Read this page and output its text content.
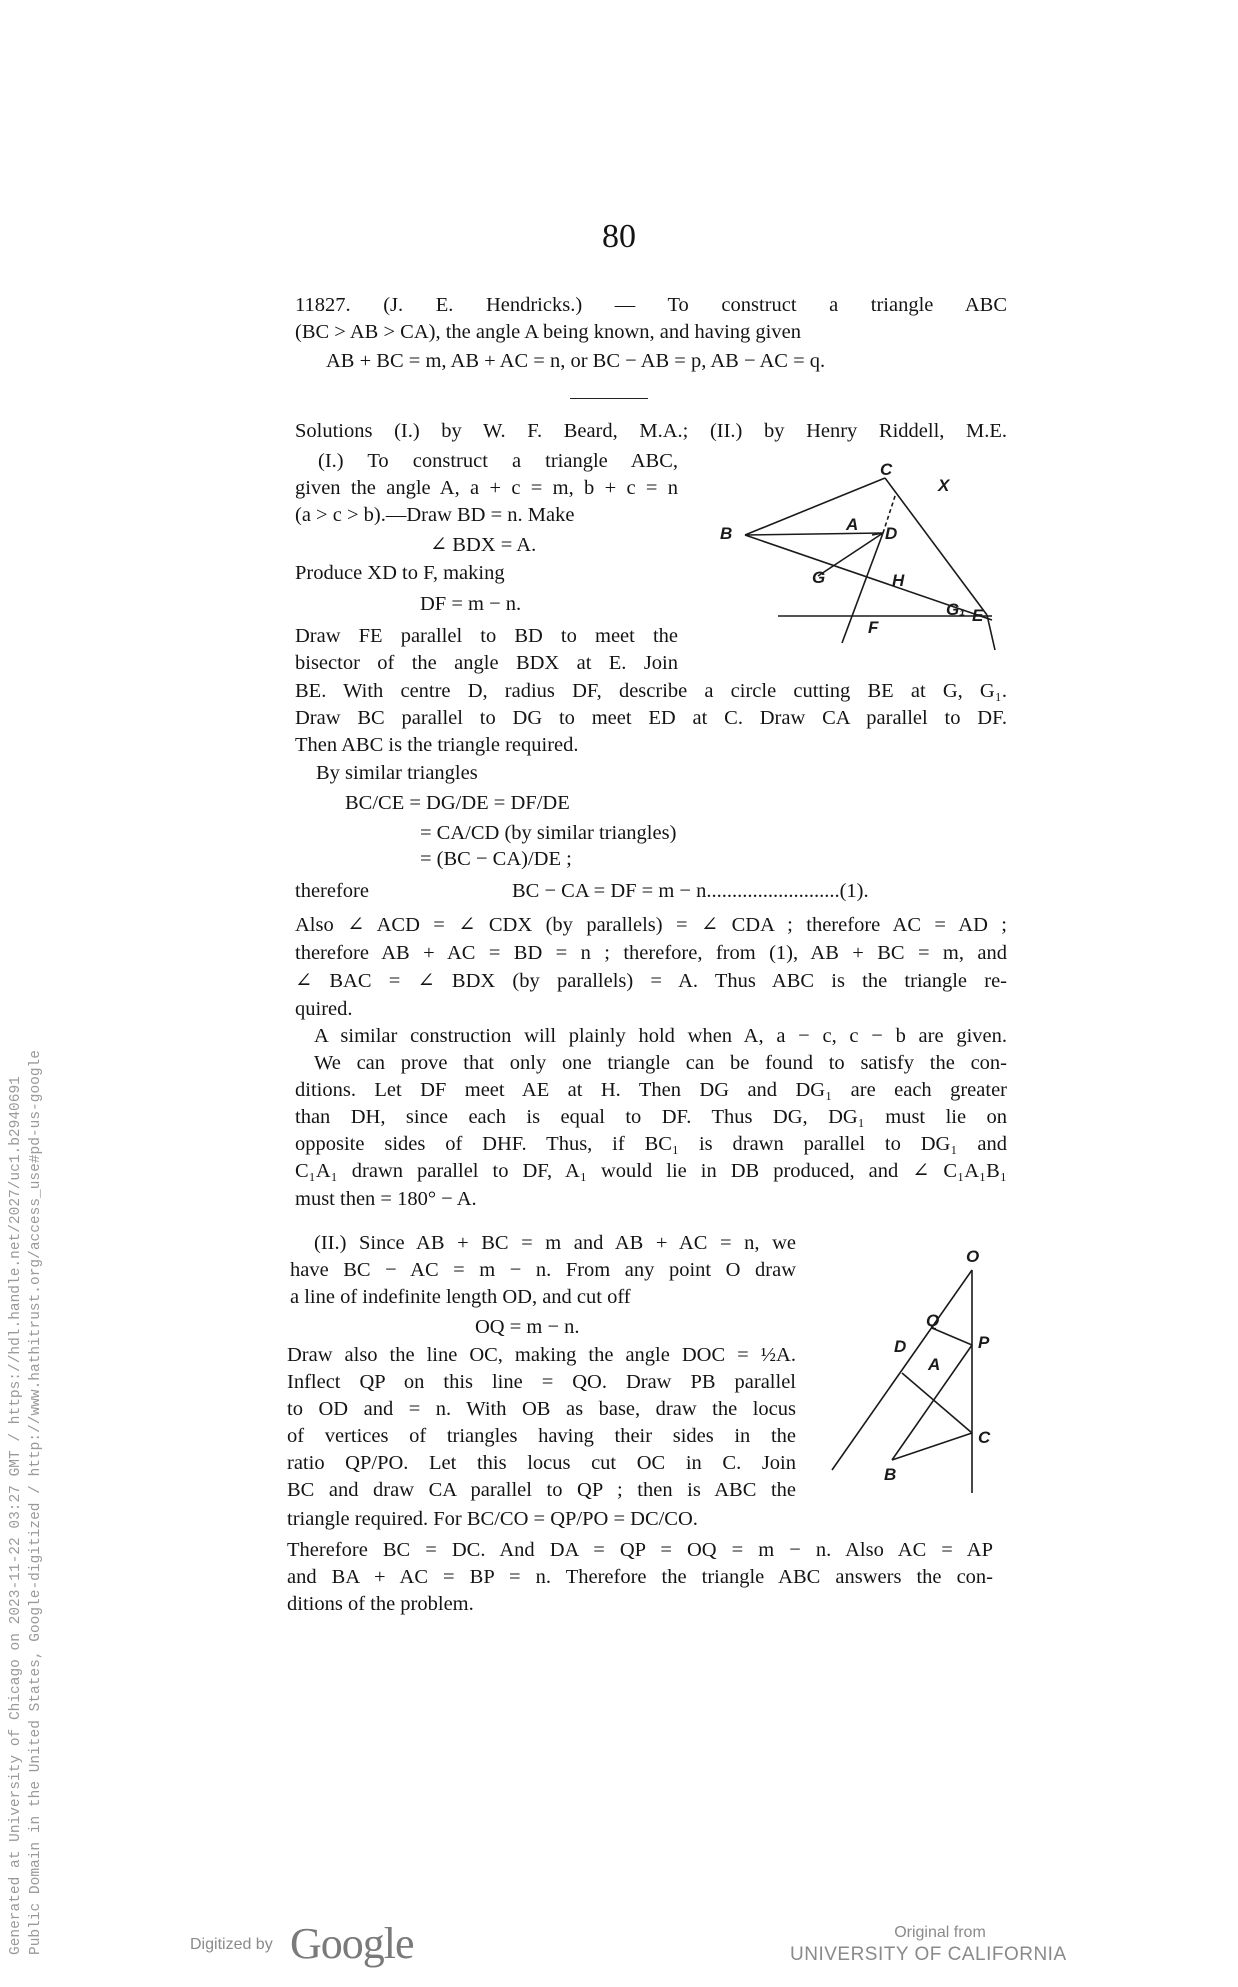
80
11827. (J. E. Hendricks.) — To construct a triangle ABC
(BC > AB > CA), the angle A being known, and having given
AB + BC = m, AB + AC = n, or BC − AB = p, AB − AC = q.
Solutions (I.) by W. F. Beard, M.A.; (II.) by Henry Riddell, M.E.
(I.) To construct a triangle ABC,
given the angle A, a + c = m, b + c = n
(a > c > b).—Draw BD = n. Make
∠ BDX = A.
Produce XD to F, making
DF = m − n.
Draw FE parallel to BD to meet the
bisector of the angle BDX at E. Join
BE. With centre D, radius DF, describe a circle cutting BE at G, G₁.
Draw BC parallel to DG to meet ED at C. Draw CA parallel to DF.
Then ABC is the triangle required.
By similar triangles
BC/CE = DG/DE = DF/DE
= CA/CD (by similar triangles)
= (BC − CA)/DE ;
therefore	BC − CA = DF = m − n..........................(1).
Also ∠ ACD = ∠ CDX (by parallels) = ∠ CDA ; therefore AC = AD ;
therefore AB + AC = BD = n ; therefore, from (1), AB + BC = m, and
∠ BAC = ∠ BDX (by parallels) = A. Thus ABC is the triangle re-
quired.
A similar construction will plainly hold when A, a − c, c − b are given.
We can prove that only one triangle can be found to satisfy the con-
ditions. Let DF meet AE at H. Then DG and DG₁ are each greater
than DH, since each is equal to DF. Thus DG, DG₁ must lie on
opposite sides of DHF. Thus, if BC₁ is drawn parallel to DG₁ and
C₁A₁ drawn parallel to DF, A₁ would lie in DB produced, and ∠ C₁A₁B₁
must then = 180° − A.
(II.) Since AB + BC = m and AB + AC = n, we
have BC − AC = m − n. From any point O draw
a line of indefinite length OD, and cut off
OQ = m − n.
Draw also the line OC, making the angle DOC = ½A.
Inflect QP on this line = QO. Draw PB parallel
to OD and = n. With OB as base, draw the locus
of vertices of triangles having their sides in the
ratio QP/PO. Let this locus cut OC in C. Join
BC and draw CA parallel to QP ; then is ABC the
triangle required. For BC/CO = QP/PO = DC/CO.
Therefore BC = DC. And DA = QP = OQ = m − n. Also AC = AP
and BA + AC = BP = n. Therefore the triangle ABC answers the con-
ditions of the problem.
C
X
B	A D
G	H
G₁ E
F
O
Q
P
D
A
C
B
Generated at University of Chicago on 2023-11-22 03:27 GMT / https://hdl.handle.net/2027/uc1.b2940691 Public Domain in the United States, Google-digitized / http://www.hathitrust.org/access_use#pd-us-google	Digitized by Google	Original from
UNIVERSITY OF CALIFORNIA
